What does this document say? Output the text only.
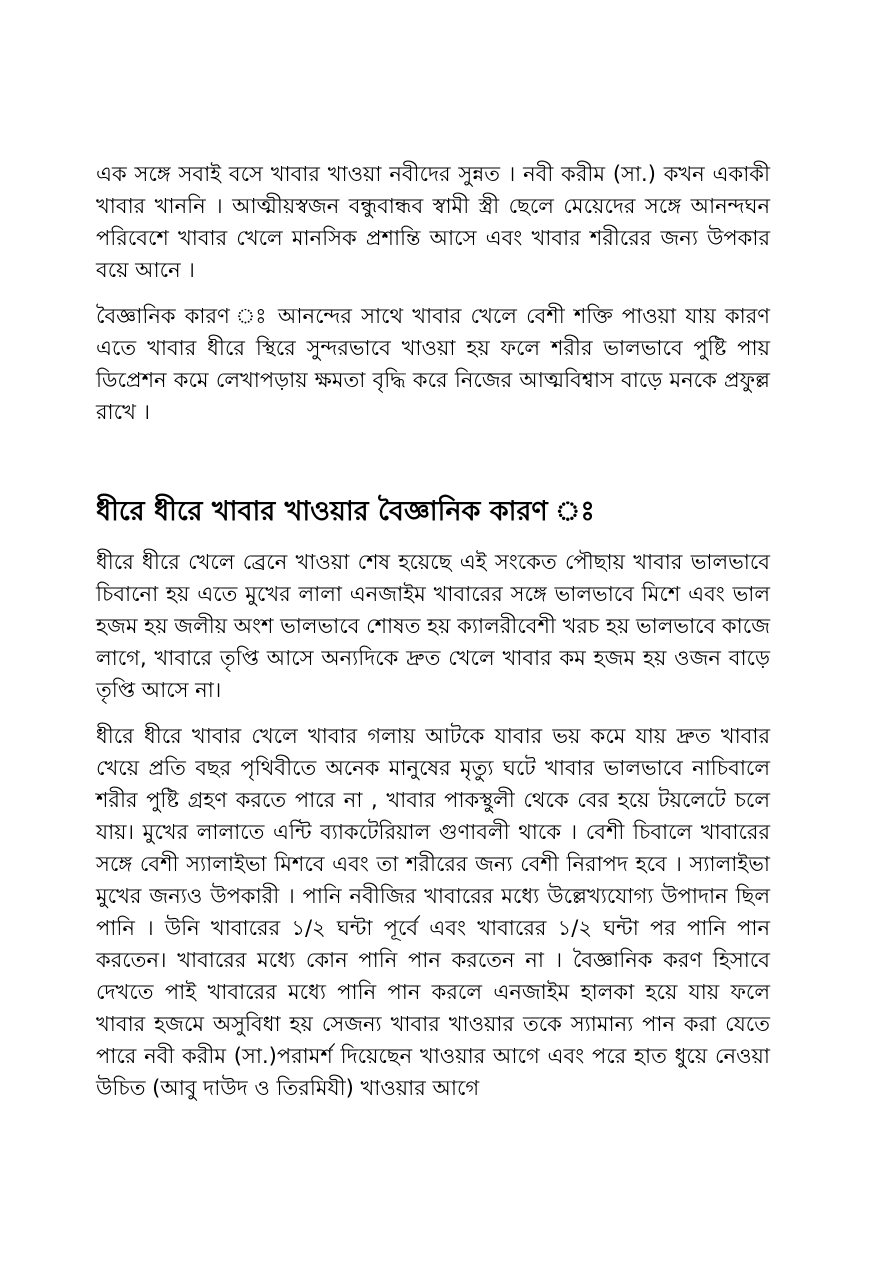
এক সঙ্গে সবাই বসে খাবার খাওয়া নবীদের সুন্নত । নবী করীম (সা.) কখন একাকী খাবার খাননি । আত্মীয়স্বজন বন্ধুবান্ধব স্বামী স্ত্রী ছেলে মেয়েদের সঙ্গে আনন্দঘন পরিবেশে খাবার খেলে মানসিক প্রশান্তি আসে এবং খাবার শরীরের জন্য উপকার বয়ে আনে ।

বৈজ্ঞানিক কারণ ঃ আনন্দের সাথে খাবার খেলে বেশী শক্তি পাওয়া যায় কারণ এতে খাবার ধীরে স্থিরে সুন্দরভাবে খাওয়া হয় ফলে শরীর ভালভাবে পুষ্টি পায় ডিপ্রেশন কমে লেখাপড়ায় ক্ষমতা বৃদ্ধি করে নিজের আত্মবিশ্বাস বাড়ে মনকে প্রফুল্ল রাখে ।

ধীরে ধীরে খাবার খাওয়ার বৈজ্ঞানিক কারণ ঃ

ধীরে ধীরে খেলে ব্রেনে খাওয়া শেষ হয়েছে এই সংকেত পৌছায় খাবার ভালভাবে চিবানো হয় এতে মুখের লালা এনজাইম খাবারের সঙ্গে ভালভাবে মিশে এবং ভাল হজম হয় জলীয় অংশ ভালভাবে শোষত হয় ক্যালরীবেশী খরচ হয় ভালভাবে কাজে লাগে, খাবারে তৃপ্তি আসে অন্যদিকে দ্রুত খেলে খাবার কম হজম হয় ওজন বাড়ে তৃপ্তি আসে না।

ধীরে ধীরে খাবার খেলে খাবার গলায় আটকে যাবার ভয় কমে যায় দ্রুত খাবার খেয়ে প্রতি বছর পৃথিবীতে অনেক মানুষের মৃত্যু ঘটে খাবার ভালভাবে নাচিবালে শরীর পুষ্টি গ্রহণ করতে পারে না , খাবার পাকস্থুলী থেকে বের হয়ে টয়লেটে চলে যায়। মুখের লালাতে এন্টি ব্যাকটেরিয়াল গুণাবলী থাকে । বেশী চিবালে খাবারের সঙ্গে বেশী স্যালাইভা মিশবে এবং তা শরীরের জন্য বেশী নিরাপদ হবে । স্যালাইভা মুখের জন্যও উপকারী । পানি নবীজির খাবারের মধ্যে উল্লেখ্যযোগ্য উপাদান ছিল পানি । উনি খাবারের ১/২ ঘন্টা পূর্বে এবং খাবারের ১/২ ঘন্টা পর পানি পান করতেন। খাবারের মধ্যে কোন পানি পান করতেন না । বৈজ্ঞানিক করণ হিসাবে দেখতে পাই খাবারের মধ্যে পানি পান করলে এনজাইম হালকা হয়ে যায় ফলে খাবার হজমে অসুবিধা হয় সেজন্য খাবার খাওয়ার তকে স্যামান্য পান করা যেতে পারে নবী করীম (সা.)পরামর্শ দিয়েছেন খাওয়ার আগে এবং পরে হাত ধুয়ে নেওয়া উচিত (আবু দাউদ ও তিরমিযী) খাওয়ার আগে
